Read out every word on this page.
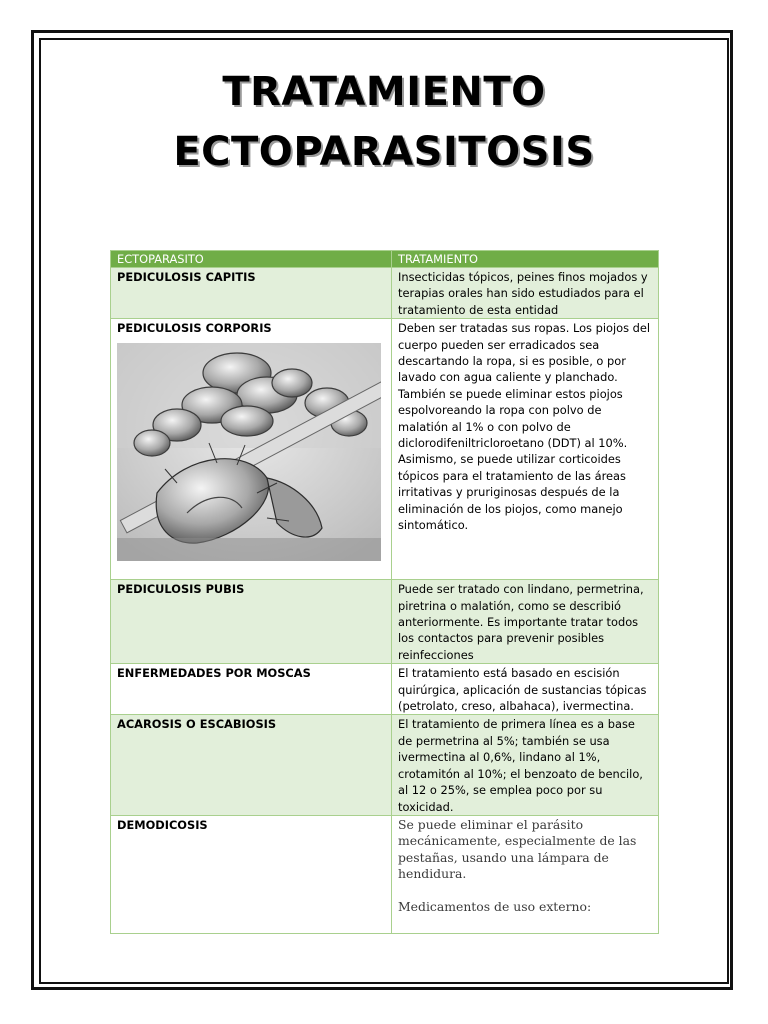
TRATAMIENTO
ECTOPARASITOSIS
ECTOPARASITO	TRATAMIENTO
PEDICULOSIS CAPITIS	Insecticidas tópicos, peines finos mojados y terapias orales han sido estudiados para el tratamiento de esta entidad

PEDICULOSIS CORPORIS	Deben ser tratadas sus ropas. Los piojos del cuerpo pueden ser erradicados sea descartando la ropa, si es posible, o por lavado con agua caliente y planchado. También se puede eliminar estos piojos espolvoreando la ropa con polvo de malatión al 1% o con polvo de diclorodifeniltricloroetano (DDT) al 10%. Asimismo, se puede utilizar corticoides tópicos para el tratamiento de las áreas irritativas y pruriginosas después de la eliminación de los piojos, como manejo sintomático.
PEDICULOSIS PUBIS	Puede ser tratado con lindano, permetrina, piretrina o malatión, como se describió anteriormente. Es importante tratar todos los contactos para prevenir posibles reinfecciones
ENFERMEDADES POR MOSCAS	El tratamiento está basado en escisión quirúrgica, aplicación de sustancias tópicas (petrolato, creso, albahaca), ivermectina.
ACAROSIS O ESCABIOSIS	El tratamiento de primera línea es a base de permetrina al 5%; también se usa ivermectina al 0,6%, lindano al 1%, crotamitón al 10%; el benzoato de bencilo, al 12 o 25%, se emplea poco por su toxicidad.
DEMODICOSIS	Se puede eliminar el parásito mecánicamente, especialmente de las pestañas, usando una lámpara de hendidura.
Medicamentos de uso externo:
